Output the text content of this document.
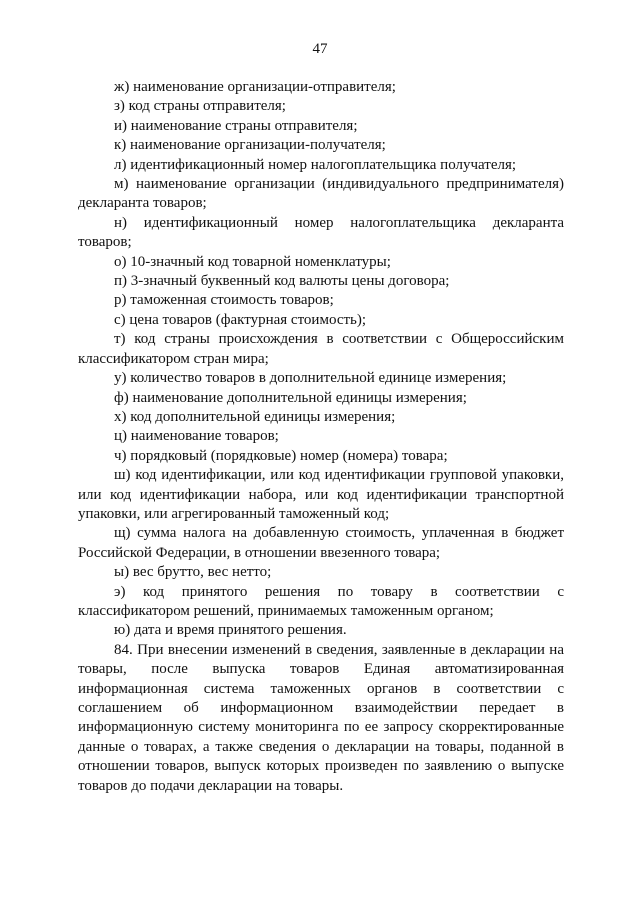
47

ж) наименование организации-отправителя;

з) код страны отправителя;

и) наименование страны отправителя;

к) наименование организации-получателя;

л) идентификационный номер налогоплательщика получателя;

м) наименование организации (индивидуального предпринимателя) декларанта товаров;

н) идентификационный номер налогоплательщика декларанта товаров;

о) 10-значный код товарной номенклатуры;

п) 3-значный буквенный код валюты цены договора;

р) таможенная стоимость товаров;

с) цена товаров (фактурная стоимость);

т) код страны происхождения в соответствии с Общероссийским классификатором стран мира;

у) количество товаров в дополнительной единице измерения;

ф) наименование дополнительной единицы измерения;

х) код дополнительной единицы измерения;

ц) наименование товаров;

ч) порядковый (порядковые) номер (номера) товара;

ш) код идентификации, или код идентификации групповой упаковки, или код идентификации набора, или код идентификации транспортной упаковки, или агрегированный таможенный код;

щ) сумма налога на добавленную стоимость, уплаченная в бюджет Российской Федерации, в отношении ввезенного товара;

ы) вес брутто, вес нетто;

э) код принятого решения по товару в соответствии с классификатором решений, принимаемых таможенным органом;

ю) дата и время принятого решения.

84. При внесении изменений в сведения, заявленные в декларации на товары, после выпуска товаров Единая автоматизированная информационная система таможенных органов в соответствии с соглашением об информационном взаимодействии передает в информационную систему мониторинга по ее запросу скорректированные данные о товарах, а также сведения о декларации на товары, поданной в отношении товаров, выпуск которых произведен по заявлению о выпуске товаров до подачи декларации на товары.
